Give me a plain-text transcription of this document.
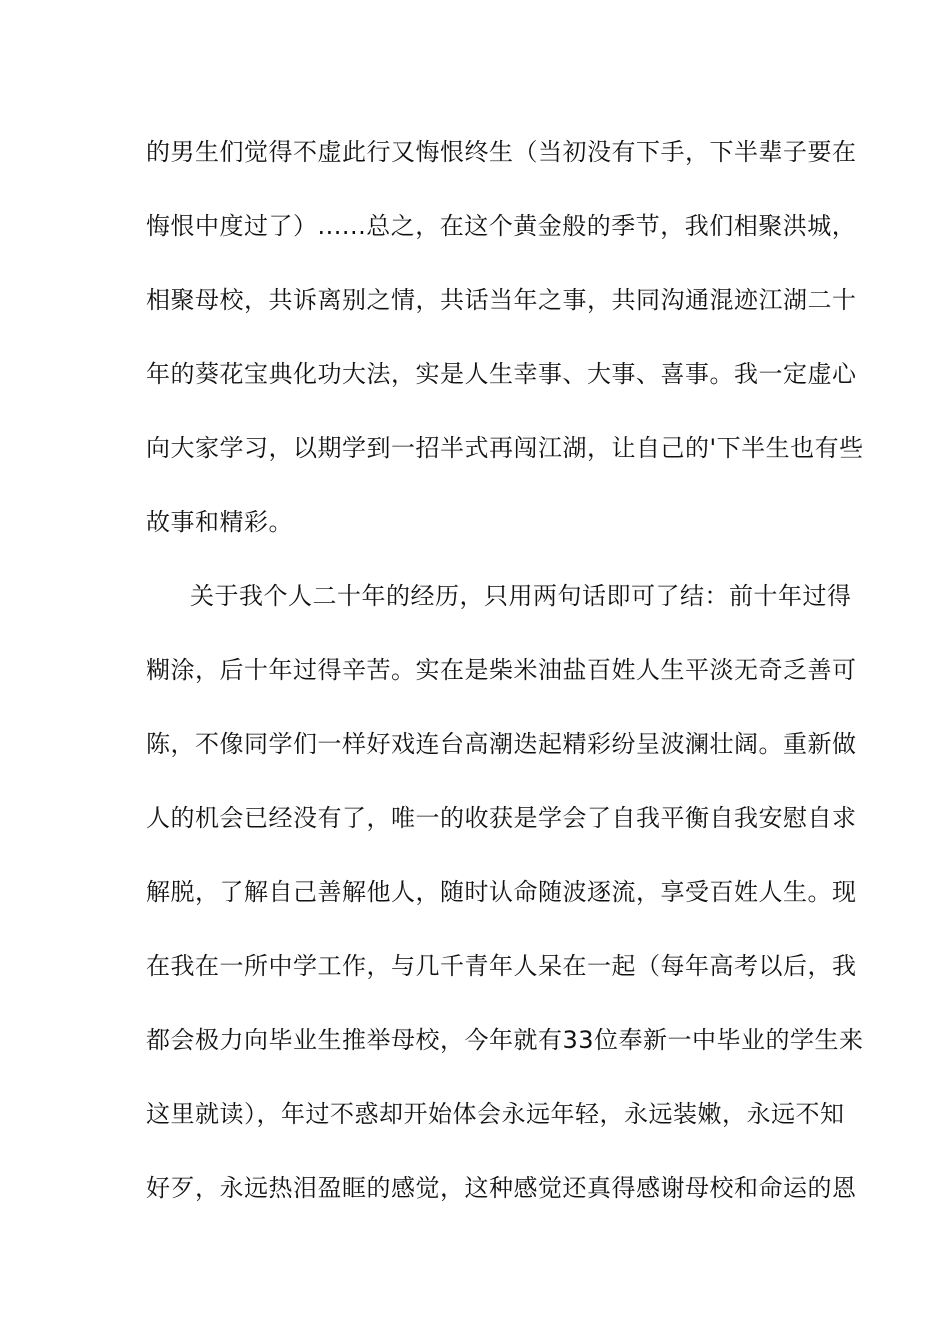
的男生们觉得不虚此行又悔恨终生（当初没有下手，下半辈子要在
悔恨中度过了）......总之，在这个黄金般的季节，我们相聚洪城，
相聚母校，共诉离别之情，共话当年之事，共同沟通混迹江湖二十
年的葵花宝典化功大法，实是人生幸事、大事、喜事。我一定虚心
向大家学习，以期学到一招半式再闯江湖，让自己的'下半生也有些
故事和精彩。
关于我个人二十年的经历，只用两句话即可了结：前十年过得
糊涂，后十年过得辛苦。实在是柴米油盐百姓人生平淡无奇乏善可
陈，不像同学们一样好戏连台高潮迭起精彩纷呈波澜壮阔。重新做
人的机会已经没有了，唯一的收获是学会了自我平衡自我安慰自求
解脱，了解自己善解他人，随时认命随波逐流，享受百姓人生。现
在我在一所中学工作，与几千青年人呆在一起（每年高考以后，我
都会极力向毕业生推举母校，今年就有33位奉新一中毕业的学生来
这里就读），年过不惑却开始体会永远年轻，永远装嫩，永远不知
好歹，永远热泪盈眶的感觉，这种感觉还真得感谢母校和命运的恩
